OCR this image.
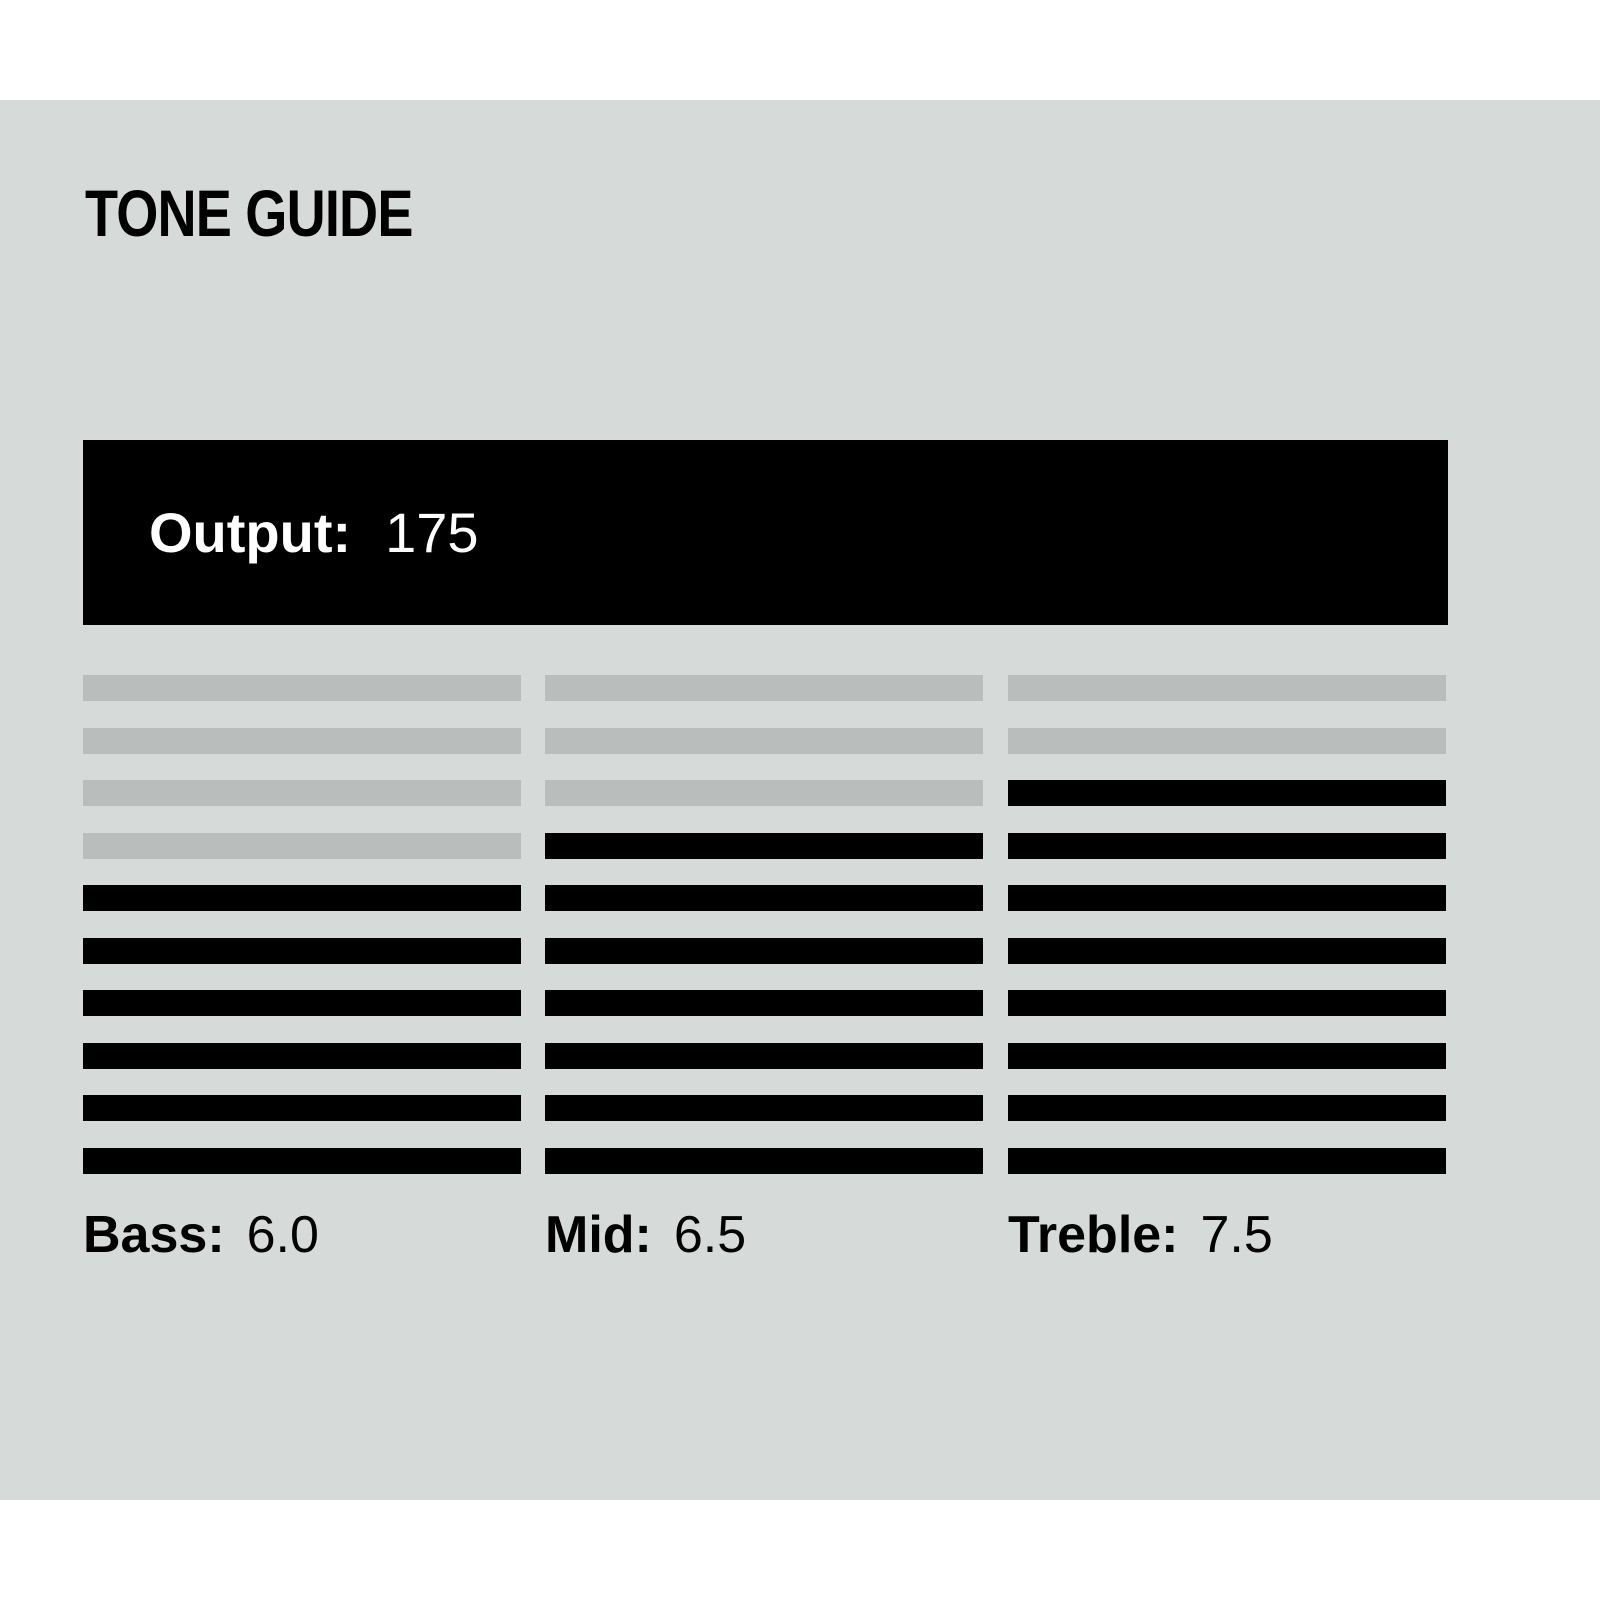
TONE GUIDE
Output: 175
Bass: 6.0	Mid: 6.5	Treble: 7.5
